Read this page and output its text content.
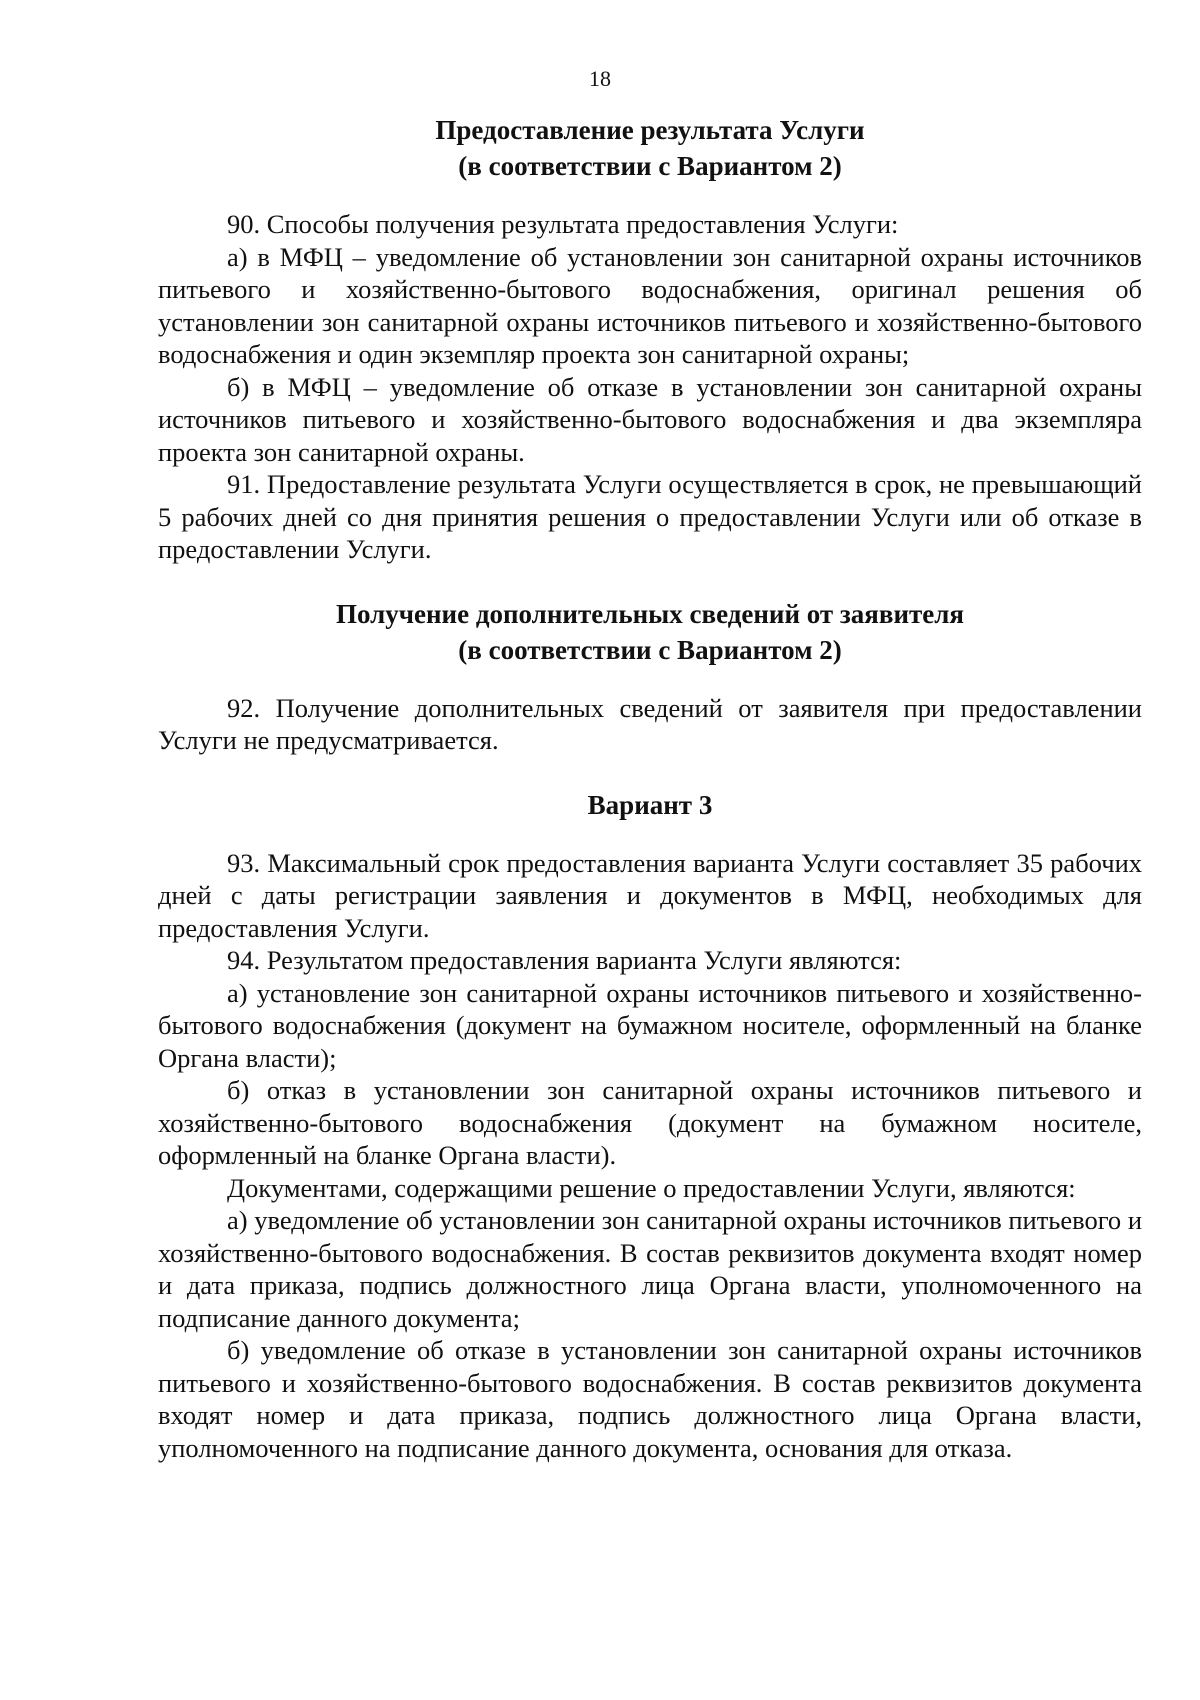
18

Предоставление результата Услуги

(в соответствии с Вариантом 2)

90. Способы получения результата предоставления Услуги:

а) в МФЦ – уведомление об установлении зон санитарной охраны источников питьевого и хозяйственно-бытового водоснабжения, оригинал решения об установлении зон санитарной охраны источников питьевого и хозяйственно-бытового водоснабжения и один экземпляр проекта зон санитарной охраны;

б) в МФЦ – уведомление об отказе в установлении зон санитарной охраны источников питьевого и хозяйственно-бытового водоснабжения и два экземпляра проекта зон санитарной охраны.

91. Предоставление результата Услуги осуществляется в срок, не превышающий 5 рабочих дней со дня принятия решения о предоставлении Услуги или об отказе в предоставлении Услуги.

Получение дополнительных сведений от заявителя

(в соответствии с Вариантом 2)

92. Получение дополнительных сведений от заявителя при предоставлении Услуги не предусматривается.

Вариант 3

93. Максимальный срок предоставления варианта Услуги составляет 35 рабочих дней с даты регистрации заявления и документов в МФЦ, необходимых для предоставления Услуги.

94. Результатом предоставления варианта Услуги являются:

а) установление зон санитарной охраны источников питьевого и хозяйственно-бытового водоснабжения (документ на бумажном носителе, оформленный на бланке Органа власти);

б) отказ в установлении зон санитарной охраны источников питьевого и хозяйственно-бытового водоснабжения (документ на бумажном носителе, оформленный на бланке Органа власти).

Документами, содержащими решение о предоставлении Услуги, являются:

а) уведомление об установлении зон санитарной охраны источников питьевого и хозяйственно-бытового водоснабжения. В состав реквизитов документа входят номер и дата приказа, подпись должностного лица Органа власти, уполномоченного на подписание данного документа;

б) уведомление об отказе в установлении зон санитарной охраны источников питьевого и хозяйственно-бытового водоснабжения. В состав реквизитов документа входят номер и дата приказа, подпись должностного лица Органа власти, уполномоченного на подписание данного документа, основания для отказа.
